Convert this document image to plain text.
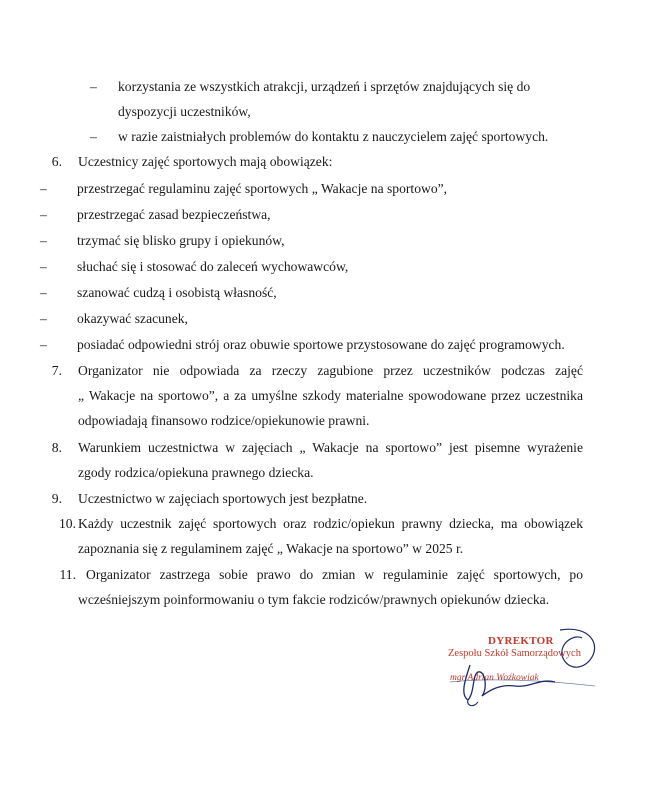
– korzystania ze wszystkich atrakcji, urządzeń i sprzętów znajdujących się do
dyspozycji uczestników,
– w razie zaistniałych problemów do kontaktu z nauczycielem zajęć sportowych.
6. Uczestnicy zajęć sportowych mają obowiązek:
– przestrzegać regulaminu zajęć sportowych „ Wakacje na sportowo”,
– przestrzegać zasad bezpieczeństwa,
– trzymać się blisko grupy i opiekunów,
– słuchać się i stosować do zaleceń wychowawców,
– szanować cudzą i osobistą własność,
– okazywać szacunek,
– posiadać odpowiedni strój oraz obuwie sportowe przystosowane do zajęć programowych.
7. Organizator nie odpowiada za rzeczy zagubione przez uczestników podczas zajęć
„ Wakacje na sportowo”, a za umyślne szkody materialne spowodowane przez uczestnika
odpowiadają finansowo rodzice/opiekunowie prawni.
8. Warunkiem uczestnictwa w zajęciach „ Wakacje na sportowo” jest pisemne wyrażenie
zgody rodzica/opiekuna prawnego dziecka.
9. Uczestnictwo w zajęciach sportowych jest bezpłatne.
10. Każdy uczestnik zajęć sportowych oraz rodzic/opiekun prawny dziecka, ma obowiązek
zapoznania się z regulaminem zajęć „ Wakacje na sportowo” w 2025 r.
11. Organizator zastrzega sobie prawo do zmian w regulaminie zajęć sportowych, po
wcześniejszym poinformowaniu o tym fakcie rodziców/prawnych opiekunów dziecka.
DYREKTOR
Zespołu Szkół Samorządowych
mgr Adrian Woźkowiak
